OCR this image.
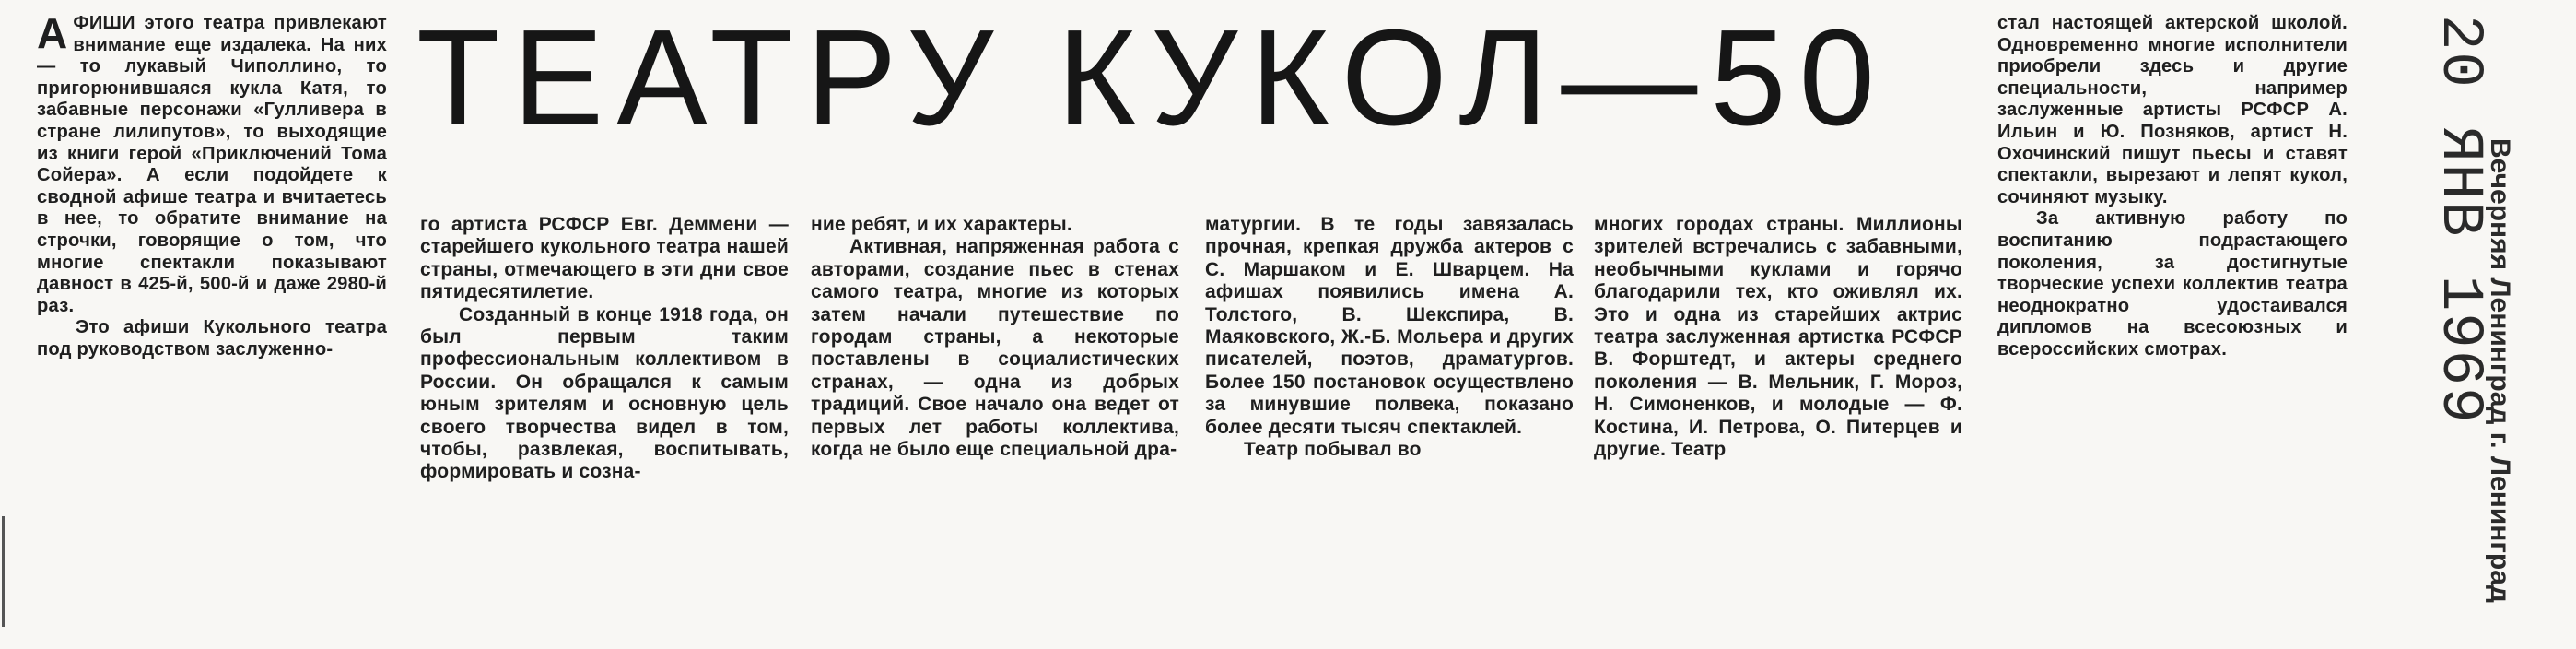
АФИШИ этого театра привлекают внимание еще издалека. На них — то лукавый Чиполлино, то пригорюнившаяся кукла Катя, то забавные персонажи «Гулливера в стране лилипутов», то выходящие из книги герой «Приключений Тома Сойера». А если подойдете к сводной афише театра и вчитаетесь в нее, то обратите внимание на строчки, говорящие о том, что многие спектакли показывают давност в 425-й, 500-й и даже 2980-й раз.

Это афиши Кукольного театра под руководством заслуженно-

ТЕАТРУ КУКОЛ—50

го артиста РСФСР Евг. Деммени — старейшего кукольного театра нашей страны, отмечающего в эти дни свое пятидесятилетие.

Созданный в конце 1918 года, он был первым таким профессиональным коллективом в России. Он обращался к самым юным зрителям и основную цель своего творчества видел в том, чтобы, развлекая, воспитывать, формировать и созна-

ние ребят, и их характеры.

Активная, напряженная работа с авторами, создание пьес в стенах самого театра, многие из которых затем начали путешествие по городам страны, а некоторые поставлены в социалистических странах, — одна из добрых традиций. Свое начало она ведет от первых лет работы коллектива, когда не было еще специальной дра-

матургии. В те годы завязалась прочная, крепкая дружба актеров с С. Маршаком и Е. Шварцем. На афишах появились имена А. Толстого, В. Шекспира, В. Маяковского, Ж.-Б. Мольера и других писателей, поэтов, драматургов. Более 150 постановок осуществлено за минувшие полвека, показано более десяти тысяч спектаклей.

Театр побывал во

многих городах страны. Миллионы зрителей встречались с забавными, необычными куклами и горячо благодарили тех, кто оживлял их. Это и одна из старейших актрис театра заслуженная артистка РСФСР В. Форштедт, и актеры среднего поколения — В. Мельник, Г. Мороз, Н. Симоненков, и молодые — Ф. Костина, И. Петрова, О. Питерцев и другие. Театр

стал настоящей актерской школой. Одновременно многие исполнители приобрели здесь и другие специальности, например заслуженные артисты РСФСР А. Ильин и Ю. Позняков, артист Н. Охочинский пишут пьесы и ставят спектакли, вырезают и лепят кукол, сочиняют музыку.

За активную работу по воспитанию подрастающего поколения, за достигнутые творческие успехи коллектив театра неоднократно удостаивался дипломов на всесоюзных и всероссийских смотрах.	20 ЯНВ 1969
Вечерняя Ленинград г. Ленинград
